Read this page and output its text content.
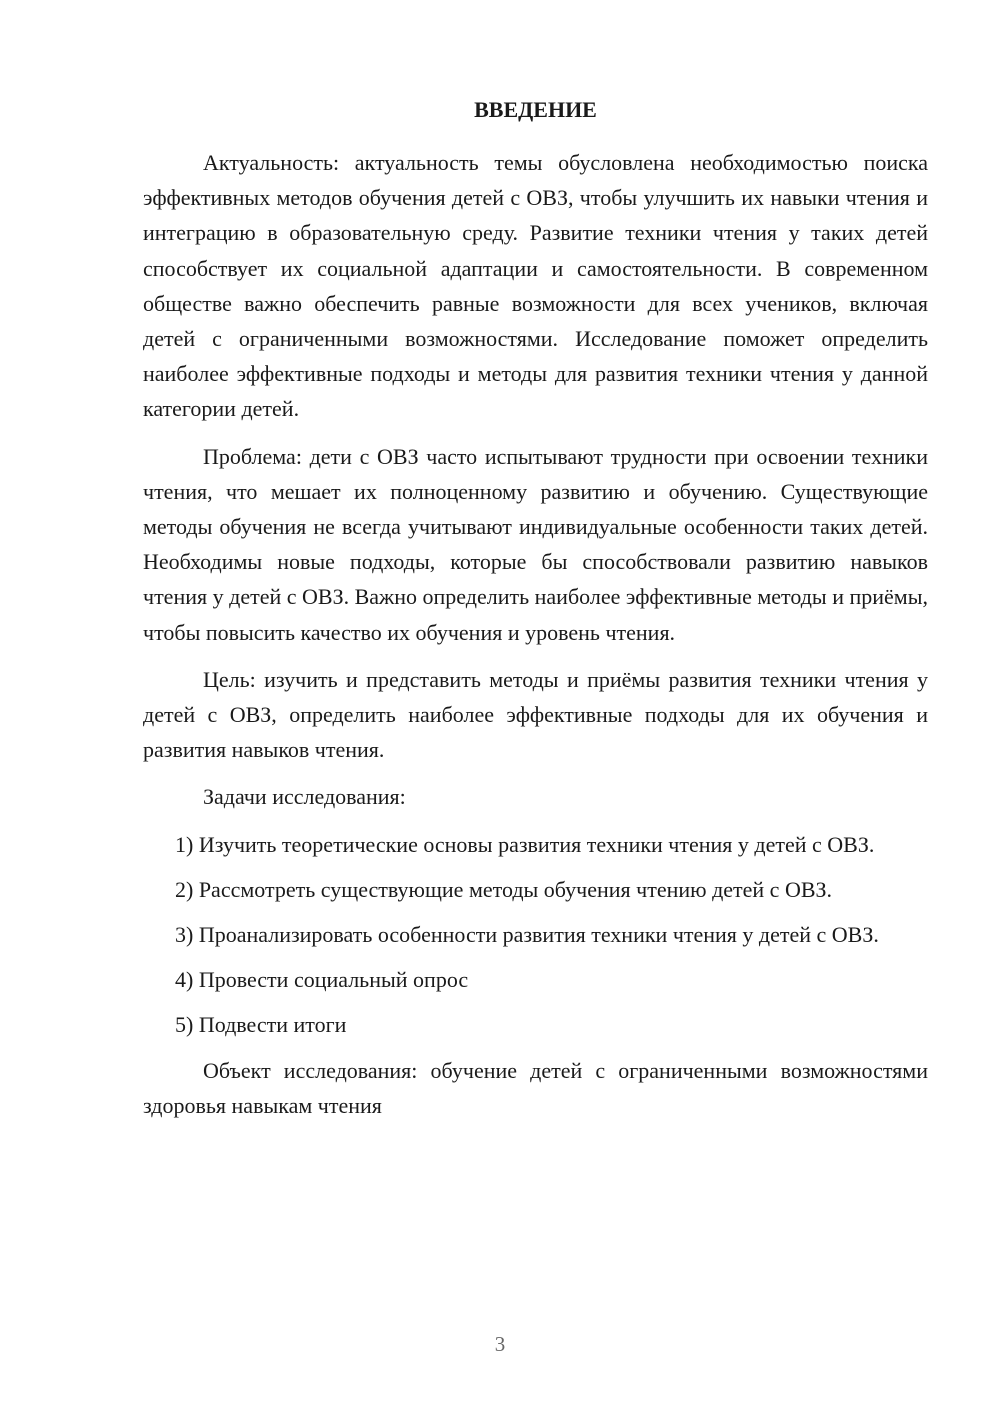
ВВЕДЕНИЕ

Актуальность: актуальность темы обусловлена необходимостью поиска эффективных методов обучения детей с ОВЗ, чтобы улучшить их навыки чтения и интеграцию в образовательную среду. Развитие техники чтения у таких детей способствует их социальной адаптации и самостоятельности. В современном обществе важно обеспечить равные возможности для всех учеников, включая детей с ограниченными возможностями. Исследование поможет определить наиболее эффективные подходы и методы для развития техники чтения у данной категории детей.

Проблема: дети с ОВЗ часто испытывают трудности при освоении техники чтения, что мешает их полноценному развитию и обучению. Существующие методы обучения не всегда учитывают индивидуальные особенности таких детей. Необходимы новые подходы, которые бы способствовали развитию навыков чтения у детей с ОВЗ. Важно определить наиболее эффективные методы и приёмы, чтобы повысить качество их обучения и уровень чтения.

Цель: изучить и представить методы и приёмы развития техники чтения у детей с ОВЗ, определить наиболее эффективные подходы для их обучения и развития навыков чтения.

Задачи исследования:

1) Изучить теоретические основы развития техники чтения у детей с ОВЗ.

2) Рассмотреть существующие методы обучения чтению детей с ОВЗ.

3) Проанализировать особенности развития техники чтения у детей с ОВЗ.

4) Провести социальный опрос

5) Подвести итоги

Объект исследования: обучение детей с ограниченными возможностями здоровья навыкам чтения

3
